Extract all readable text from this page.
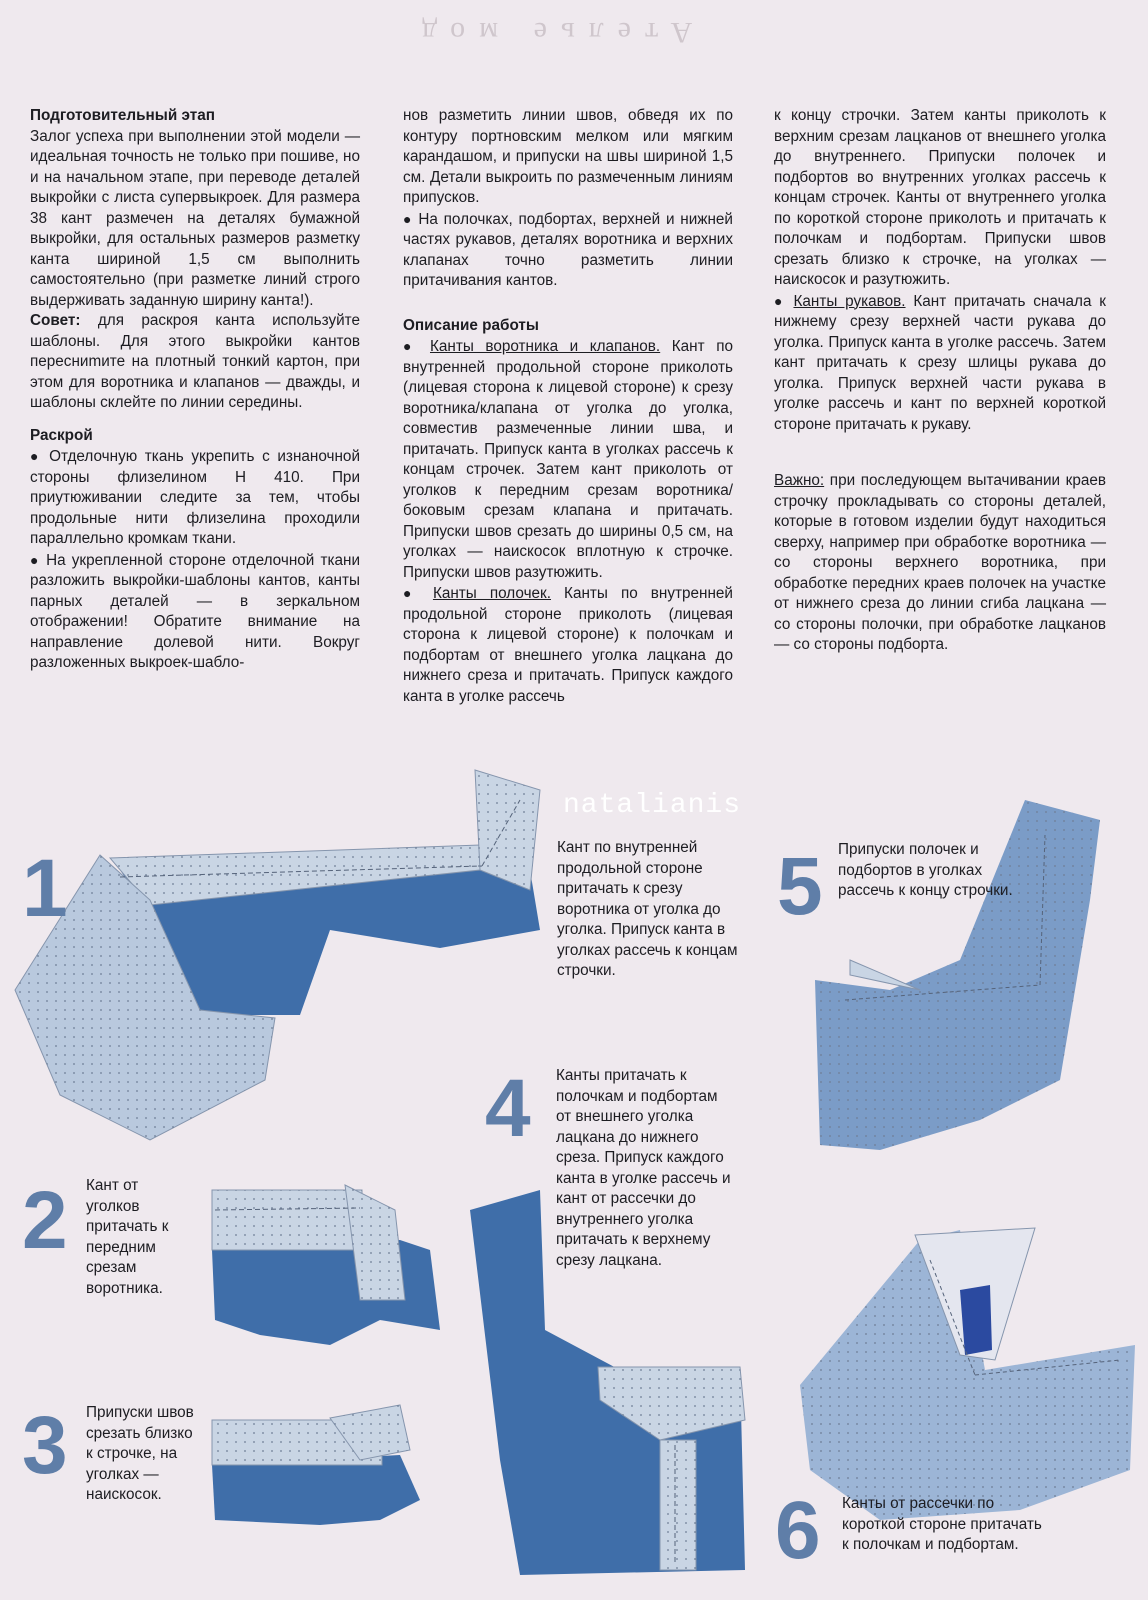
Ателье мод
Подготовительный этап

Залог успеха при выполнении этой модели — идеальная точность не только при пошиве, но и на начальном этапе, при переводе деталей выкройки с листа супервыкроек. Для размера 38 кант размечен на деталях бумажной выкройки, для остальных размеров разметку канта шириной 1,5 см выполнить самостоятельно (при разметке линий строго выдерживать заданную ширину канта!).

Совет: для раскроя канта используйте шаблоны. Для этого выкройки кантов пересниmите на плотный тонкий картон, при этом для воротника и клапанов — дважды, и шаблоны склейте по линии середины.

Раскрой

● Отделочную ткань укрепить с изнаночной стороны флизелином H 410. При приутюживании следите за тем, чтобы продольные нити флизелина проходили параллельно кромкам ткани.

● На укрепленной стороне отделочной ткани разложить выкройки-шаблоны кантов, канты парных деталей — в зеркальном отображении! Обратите внимание на направление долевой нити. Вокруг разложенных выкроек-шабло-

нов разметить линии швов, обведя их по контуру портновским мелком или мягким карандашом, и припуски на швы шириной 1,5 см. Детали выкроить по размеченным линиям припусков.

● На полочках, подбортах, верхней и нижней частях рукавов, деталях воротника и верхних клапанах точно разметить линии притачивания кантов.

Описание работы

● Канты воротника и клапанов. Кант по внутренней продольной стороне приколоть (лицевая сторона к лицевой стороне) к срезу воротника/клапана от уголка до уголка, совместив размеченные линии шва, и притачать. Припуск канта в уголках рассечь к концам строчек. Затем кант приколоть от уголков к передним срезам воротника/боковым срезам клапана и притачать. Припуски швов срезать до ширины 0,5 см, на уголках — наискосок вплотную к строчке. Припуски швов разутюжить.

● Канты полочек. Канты по внутренней продольной стороне приколоть (лицевая сторона к лицевой стороне) к полочкам и подбортам от внешнего уголка лацкана до нижнего среза и притачать. Припуск каждого канта в уголке рассечь

к концу строчки. Затем канты приколоть к верхним срезам лацканов от внешнего уголка до внутреннего. Припуски полочек и подбортов во внутренних уголках рассечь к концам строчек. Канты от внутреннего уголка по короткой стороне приколоть и притачать к полочкам и подбортам. Припуски швов срезать близко к строчке, на уголках — наискосок и разутюжить.

● Канты рукавов. Кант притачать сначала к нижнему срезу верхней части рукава до уголка. Припуск канта в уголке рассечь. Затем кант притачать к срезу шлицы рукава до уголка. Припуск верхней части рукава в уголке рассечь и кант по верхней короткой стороне притачать к рукаву.

Важно: при последующем вытачивании краев строчку прокладывать со стороны деталей, которые в готовом изделии будут находиться сверху, например при обработке воротника — со стороны верхнего воротника, при обработке передних краев полочек на участке от нижнего среза до линии сгиба лацкана — со стороны полочки, при обработке лацканов — со стороны подборта.

natalianis
1	Кант по внутренней продольной стороне притачать к срезу воротника от уголка до уголка. Припуск канта в уголках рассечь к концам строчки.
2 Кант от уголков притачать к передним срезам воротника.
3 Припуски швов срезать близко к строчке, на уголках — наискосок.
4 Канты притачать к полочкам и подбортам от внешнего уголка лацкана до нижнего среза. Припуск каждого канта в уголке рассечь и кант от рассечки до внутреннего уголка притачать к верхнему срезу лацкана.
5 Припуски полочек и подбортов в уголках рассечь к концу строчки.
6 Канты от рассечки по короткой стороне притачать к полочкам и подбортам.
